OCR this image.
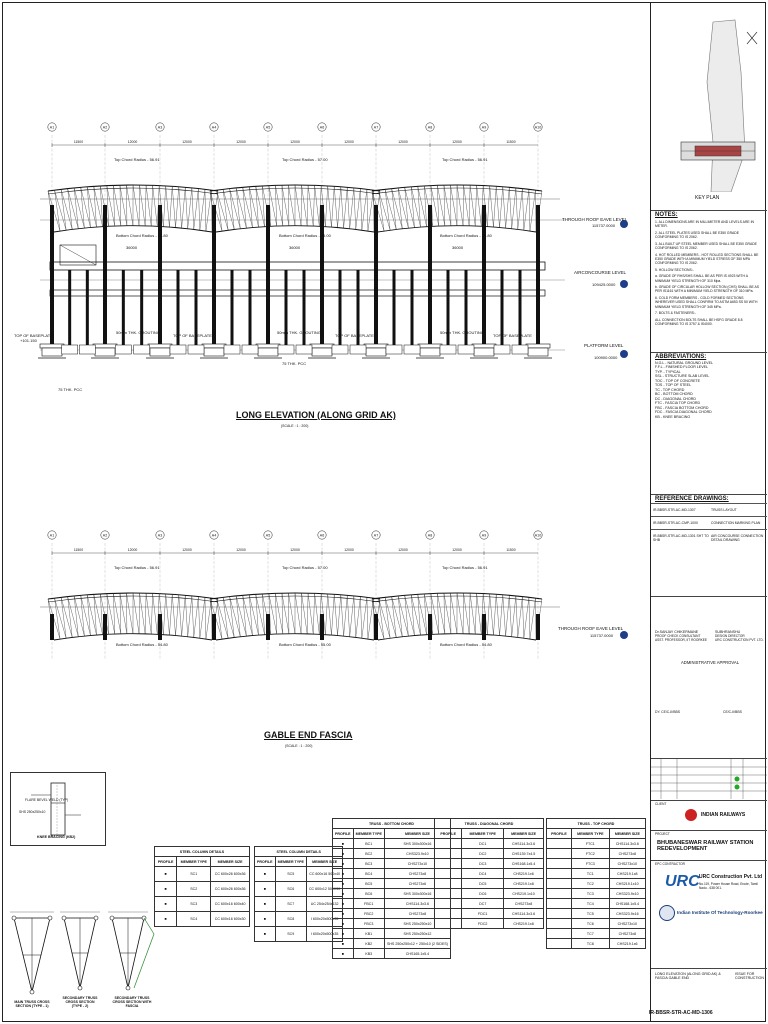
A1	A2	A3	A4	A5	A6	A7	A8	A9	A10
11500	12000	12000	12000	12000	12000	12000	12000	11500
A1	A2	A3	A4	A5	A6	A7	A8	A9	A10
11500	12000	12000	12000	12000	12000	12000	12000	11500
THROUGH ROOF EAVE LEVEL
115737.0000
AIRCONCOURSE LEVEL
109425.0000
PLATFORM LEVEL
100900.0000
TOP OF BASEPLATE
+101.150
TOP OF BASEPLATE	TOP OF BASEPLATE	TOP OF BASEPLATE
50mm THK. GROUTING	50mm THK. GROUTING	50mm THK. GROUTING
75 THK. PCC
75 THK. PCC
Top Chord Radius - 56.91	Top Chord Radius - 57.00	Top Chord Radius - 56.91
Bottom Chord Radius - 54.80	Bottom Chord Radius - 55.00	Bottom Chord Radius - 54.80
36000	36000	36000
LONG ELEVATION (ALONG GRID AK)
(SCALE : 1 : 200)
THROUGH ROOF EAVE LEVEL
115737.0000
Top Chord Radius - 56.91	Top Chord Radius - 57.00	Top Chord Radius - 56.91
Bottom Chord Radius - 54.80	Bottom Chord Radius - 55.00	Bottom Chord Radius - 54.80
GABLE END FASCIA
(SCALE : 1 : 200)
FLARE BEVEL WELD (TYP)
SHS 250x250x10
KNEE BRACING (KB2)
MAIN TRUSS CROSS SECTION (TYPE - 1)
SECONDARY TRUSS CROSS SECTION (TYPE - 2)
SECONDARY TRUSS CROSS SECTION WITH FASCIA
STEEL COLUMN DETAILS		
PROFILE	MEMBER TYPE	MEMBER SIZE
■	SC1	CC 600x26 600x36
■	SC2	CC 600x26 600x36
■	SC3	CC 600x16 600x40
■	SC4	CC 600x16 600x30
STEEL COLUMN DETAILS		
PROFILE	MEMBER TYPE	MEMBER SIZE
■	SC5	CC 600x16 500x40
■	SC6	CC 600x12 500X30
■	SC7	UC 254x254x132
■	SC8	I 600x20x500x35
■	SC9	I 600x20x500x35
TRUSS - BOTTOM CHORD		
PROFILE	MEMBER TYPE	MEMBER SIZE
■	BC1	SHS 300x300x16
■	BC2	CHS323.9x10
■	BC3	CHS273x10
■	BC4	CHS273x8
■	BC5	CHS273x6
■	BC6	SHS 300x300x16
■	FBC1	CHS114.3x3.6
■	FBC2	CHS273x8
■	FBC3	SHS 250x250x10
■	KB1	SHS 250x250x12
■	KB2	SHS 250x250x12 + 250x10 (2 SIDES)
■	KB3	CHS165.1x5.4
TRUSS - DIAGONAL CHORD		
PROFILE	MEMBER TYPE	MEMBER SIZE
	DC1	CHS114.3x3.6
	DC2	CHS139.7x4.5
	DC3	CHS168.1x5.4
	DC4	CHS219.1x6
	DC5	CHS219.1x8
	DC6	CHS219.1x10
	DC7	CHS273x8
	FDC1	CHS114.3x3.6
	FDC2	CHS219.1x8
TRUSS - TOP CHORD		
PROFILE	MEMBER TYPE	MEMBER SIZE
	FTC1	CHS114.3x3.6
	FTC2	CHS273x8
	FTC3	CHS273x10
	TC1	CHS219.1x8
	TC2	CHS219.1x10
	TC3	CHS323.9x10
	TC4	CHS168.1x5.4
	TC5	CHS323.9x16
	TC6	CHS273x10
	TC7	CHS273x8
	TC8	CHS219.1x6
KEY PLAN
NOTES:
1. ALL DIMENSIONS ARE IN MILLIMETER AND LEVELS ARE IN METER.
2. ALL STEEL PLATES USED SHALL BE E350 GRADE CONFORMING TO IS 2062.
3. ALL BUILT UP STEEL MEMBER USED SHALL BE E350 GRADE CONFORMING TO IS 2062.
4. HOT ROLLED MEMBERS - HOT ROLLED SECTIONS SHALL BE E350 GRADE WITH A MINIMUM YIELD STRESS OF 350 MPA CONFORMING TO IS 2062.
5. HOLLOW SECTIONS:-
a. GRADE OF RHS/SHS SHALL BE AS PER IS 4923 WITH A MINIMUM YIELD STRENGTH OF 310 Mpa.
b. GRADE OF CIRCULAR HOLLOW SECTION (CHS) SHALL BE AS PER IS1161 WITH A MINIMUM YIELD STRENGTH OF 310 MPa.
6. COLD FORM MEMBERS - COLD FORMED SECTIONS WHEREVER USED SHALL CONFIRM TO ASTM A653 SS 50 WITH MINIMUM YIELD STRENGTH OF 345 MPa.
7. BOLTS & FASTENERS:-
ALL CONNECTION BOLTS SHALL BE HSFG GRADE 8.8 CONFORMING TO IS 3757 & IS4000.
ABBREVIATIONS:
N.G.L - NATURAL GROUND LEVEL
F.F.L - FINISHED FLOOR LEVEL
TYP. - TYPICAL
SSL - STRUCTURE SLAB LEVEL
TOC - TOP OF CONCRETE
TOS - TOP OF STEEL
TC - TOP CHORD
BC - BOTTOM CHORD
DC - DIAGONAL CHORD
FTC - FASCIA TOP CHORD
FBC - FASCIA BOTTOM CHORD
FDC - FASCIA DIAGONAL CHORD
KB - KNEE BRACING
REFERENCE DRAWINGS:
IR-BBSR-STR-AC-MD-1307	TRUSS LAYOUT
IR-BBSR-STR-AC-CMP-1000	CONNECTION MARKING PLAN
IR-BBSR-STR-AC-MD-1301 SHT TO SHB
AIR CONCOURSE CONNECTION DETAIL DRAWING
Dr.SANJAY CHIKERMANE
PROOF CHECK CONSULTANT
ASST. PROFESSOR, IIT ROORKEE
SUBHRANSHU
DESIGN DIRECTOR
URC CONSTRUCTION PVT. LTD.
ADMINISTRATIVE APPROVAL
DY. CE/C-II/BBS	CE/C-II/BBS
CLIENT
INDIAN RAILWAYS
PROJECT
BHUBANESWAR RAILWAY STATION REDEVELOPMENT
EPC CONTRACTOR
URC URC Construction Pvt. Ltd
No.119, Power House Road, Erode, Tamil Nadu - 638 001.
Indian Institute Of Technology-Roorkee
LONG ELEVATION (ALONG GRID AK) & FASCIA GABLE END
ISSUE FOR CONSTRUCTION
IR-BBSR-STR-AC-MD-1306
